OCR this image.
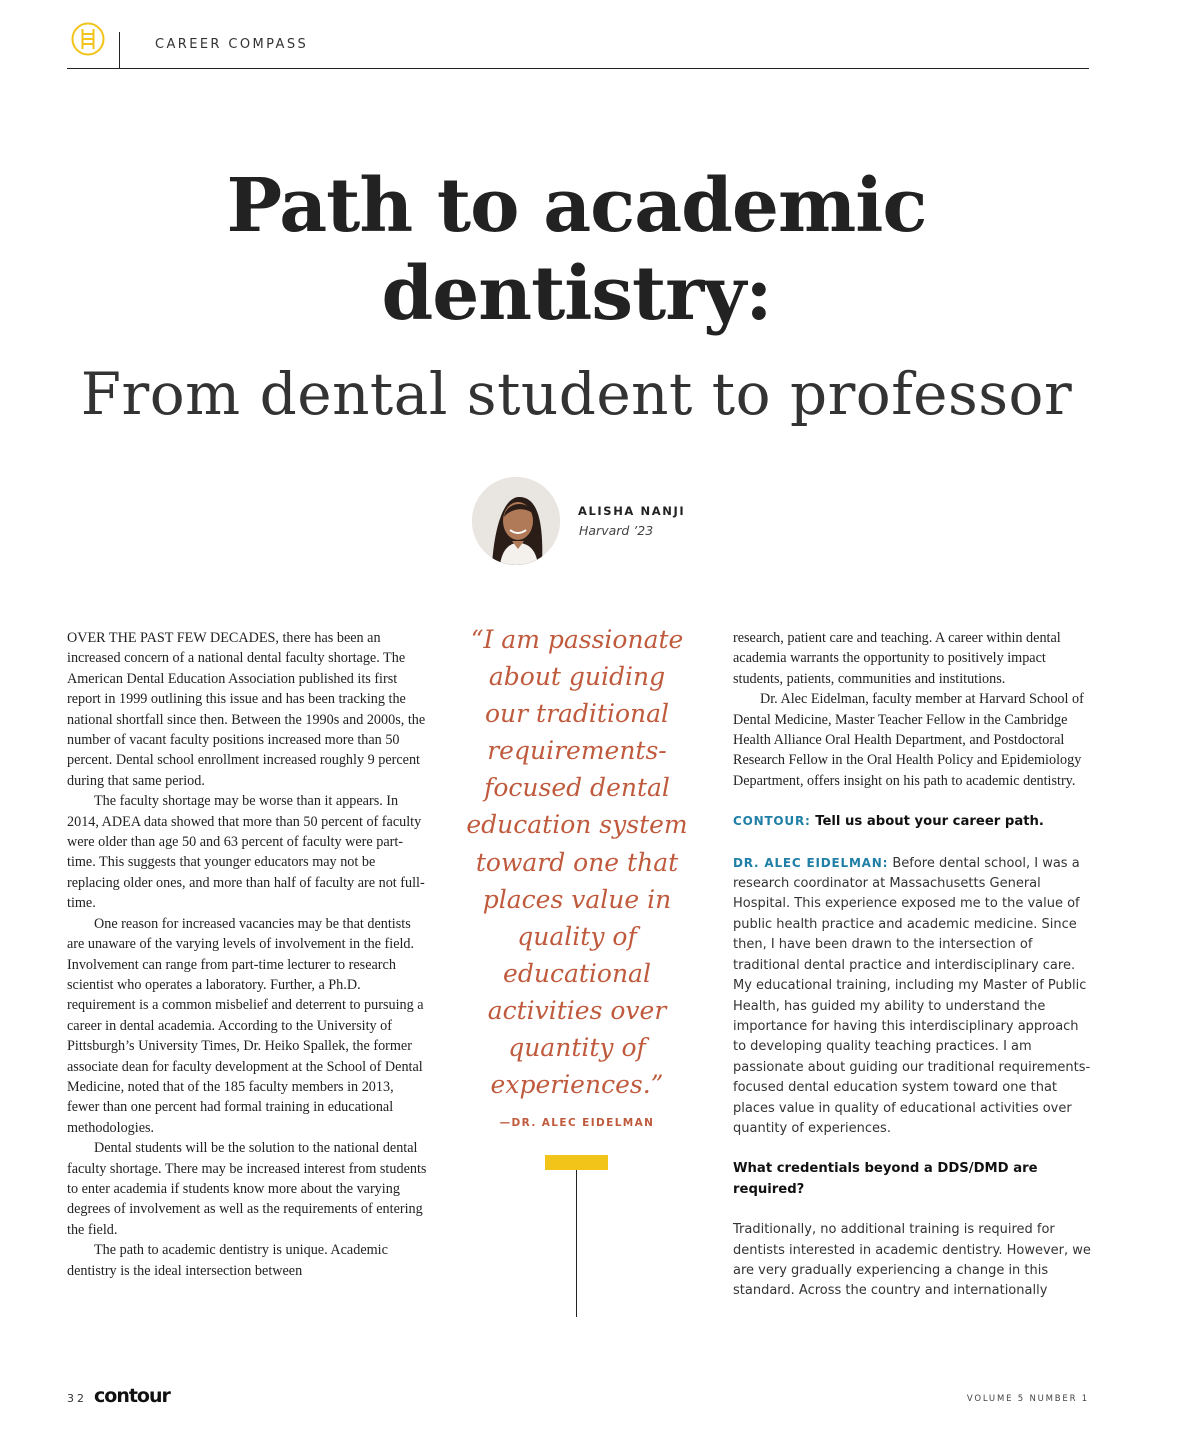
CAREER COMPASS
Path to academic
dentistry:
From dental student to professor
ALISHA NANJI
Harvard ’23

OVER THE PAST FEW DECADES, there has been an increased concern of a national dental faculty shortage. The American Dental Education Association published its first report in 1999 outlining this issue and has been tracking the national shortfall since then. Between the 1990s and 2000s, the number of vacant faculty positions increased more than 50 percent. Dental school enrollment increased roughly 9 percent during that same period.

The faculty shortage may be worse than it appears. In 2014, ADEA data showed that more than 50 percent of faculty were older than age 50 and 63 percent of faculty were part-time. This suggests that younger educators may not be replacing older ones, and more than half of faculty are not full-time.

One reason for increased vacancies may be that dentists are unaware of the varying levels of involvement in the field. Involvement can range from part-time lecturer to research scientist who operates a laboratory. Further, a Ph.D. requirement is a common misbelief and deterrent to pursuing a career in dental academia. According to the University of Pittsburgh’s University Times, Dr. Heiko Spallek, the former associate dean for faculty development at the School of Dental Medicine, noted that of the 185 faculty members in 2013, fewer than one percent had formal training in educational methodologies.

Dental students will be the solution to the national dental faculty shortage. There may be increased interest from students to enter academia if students know more about the varying degrees of involvement as well as the requirements of entering the field.

The path to academic dentistry is unique. Academic dentistry is the ideal intersection between

“I am passionate about guiding our traditional requirements-focused dental education system toward one that places value in quality of educational activities over quantity of experiences.”
—DR. ALEC EIDELMAN

research, patient care and teaching. A career within dental academia warrants the opportunity to positively impact students, patients, communities and institutions.

Dr. Alec Eidelman, faculty member at Harvard School of Dental Medicine, Master Teacher Fellow in the Cambridge Health Alliance Oral Health Department, and Postdoctoral Research Fellow in the Oral Health Policy and Epidemiology Department, offers insight on his path to academic dentistry.

CONTOUR: Tell us about your career path.

DR. ALEC EIDELMAN: Before dental school, I was a research coordinator at Massachusetts General Hospital. This experience exposed me to the value of public health practice and academic medicine. Since then, I have been drawn to the intersection of traditional dental practice and interdisciplinary care. My educational training, including my Master of Public Health, has guided my ability to understand the importance for having this interdisciplinary approach to developing quality teaching practices. I am passionate about guiding our traditional requirements-focused dental education system toward one that places value in quality of educational activities over quantity of experiences.

What credentials beyond a DDS/DMD are required?

Traditionally, no additional training is required for dentists interested in academic dentistry. However, we are very gradually experiencing a change in this standard. Across the country and internationally

32 contour	VOLUME 5 NUMBER 1
